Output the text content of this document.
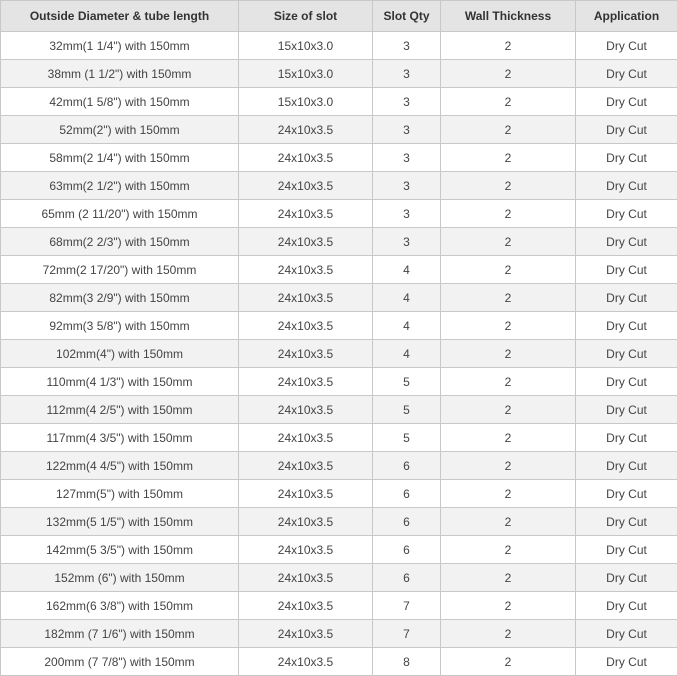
Outside Diameter & tube length	Size of slot	Slot Qty	Wall Thickness	Application
32mm(1 1/4") with 150mm	15x10x3.0	3	2	Dry Cut
38mm (1 1/2") with 150mm	15x10x3.0	3	2	Dry Cut
42mm(1 5/8") with 150mm	15x10x3.0	3	2	Dry Cut
52mm(2") with 150mm	24x10x3.5	3	2	Dry Cut
58mm(2 1/4") with 150mm	24x10x3.5	3	2	Dry Cut
63mm(2 1/2") with 150mm	24x10x3.5	3	2	Dry Cut
65mm (2 11/20") with 150mm	24x10x3.5	3	2	Dry Cut
68mm(2 2/3") with 150mm	24x10x3.5	3	2	Dry Cut
72mm(2 17/20") with 150mm	24x10x3.5	4	2	Dry Cut
82mm(3 2/9") with 150mm	24x10x3.5	4	2	Dry Cut
92mm(3 5/8") with 150mm	24x10x3.5	4	2	Dry Cut
102mm(4") with 150mm	24x10x3.5	4	2	Dry Cut
110mm(4 1/3") with 150mm	24x10x3.5	5	2	Dry Cut
112mm(4 2/5") with 150mm	24x10x3.5	5	2	Dry Cut
117mm(4 3/5") with 150mm	24x10x3.5	5	2	Dry Cut
122mm(4 4/5") with 150mm	24x10x3.5	6	2	Dry Cut
127mm(5") with 150mm	24x10x3.5	6	2	Dry Cut
132mm(5 1/5") with 150mm	24x10x3.5	6	2	Dry Cut
142mm(5 3/5") with 150mm	24x10x3.5	6	2	Dry Cut
152mm (6") with 150mm	24x10x3.5	6	2	Dry Cut
162mm(6 3/8") with 150mm	24x10x3.5	7	2	Dry Cut
182mm (7 1/6") with 150mm	24x10x3.5	7	2	Dry Cut
200mm (7 7/8") with 150mm	24x10x3.5	8	2	Dry Cut
